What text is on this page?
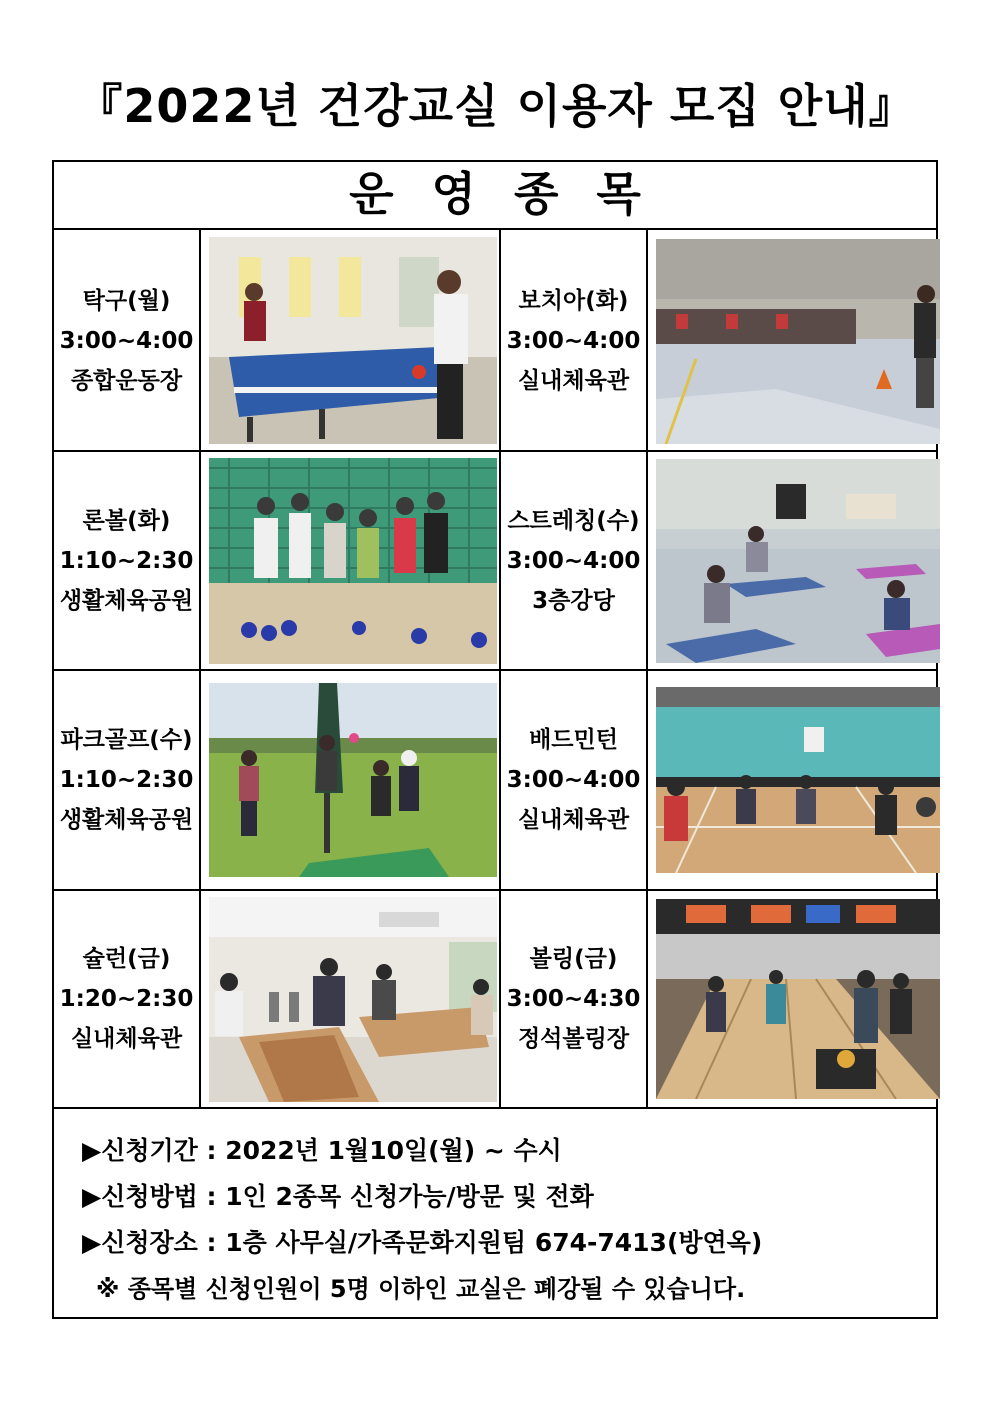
『2022년 건강교실 이용자 모집 안내』
운영종목
탁구(월)
3:00~4:00
종합운동장
보치아(화)
3:00~4:00
실내체육관
론볼(화)
1:10~2:30
생활체육공원
스트레칭(수)
3:00~4:00
3층강당
파크골프(수)
1:10~2:30
생활체육공원
배드민턴
3:00~4:00
실내체육관
슐런(금)
1:20~2:30
실내체육관
볼링(금)
3:00~4:30
정석볼링장
▶신청기간 : 2022년 1월10일(월) ~ 수시
▶신청방법 : 1인 2종목 신청가능/방문 및 전화
▶신청장소 : 1층 사무실/가족문화지원팀 674-7413(방연옥)
※ 종목별 신청인원이 5명 이하인 교실은 폐강될 수 있습니다.
